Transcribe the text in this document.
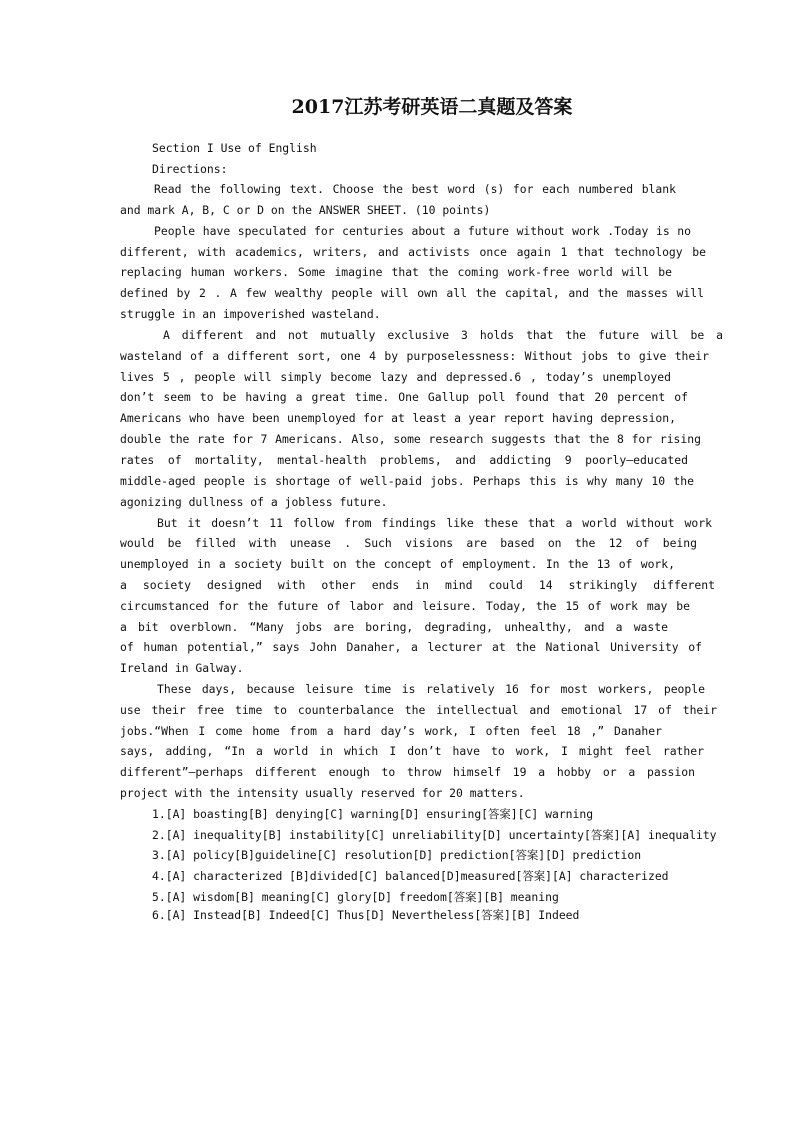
2017江苏考研英语二真题及答案

Section I Use of English

Directions:

Read the following text. Choose the best word (s) for each numbered blank

and mark A, B, C or D on the ANSWER SHEET. (10 points)

People have speculated for centuries about a future without work .Today is no

different, with academics, writers, and activists once again 1 that technology be

replacing human workers. Some imagine that the coming work-free world will be

defined by 2 . A few wealthy people will own all the capital, and the masses will

struggle in an impoverished wasteland.

A different and not mutually exclusive 3 holds that the future will be a

wasteland of a different sort, one 4 by purposelessness: Without jobs to give their

lives 5 , people will simply become lazy and depressed.6 , today’s unemployed

don’t seem to be having a great time. One Gallup poll found that 20 percent of

Americans who have been unemployed for at least a year report having depression,

double the rate for 7 Americans. Also, some research suggests that the 8 for rising

rates of mortality, mental-health problems, and addicting 9 poorly—educated

middle-aged people is shortage of well-paid jobs. Perhaps this is why many 10 the

agonizing dullness of a jobless future.

But it doesn’t 11 follow from findings like these that a world without work

would be filled with unease . Such visions are based on the 12 of being

unemployed in a society built on the concept of employment. In the 13 of work,

a society designed with other ends in mind could 14 strikingly different

circumstanced for the future of labor and leisure. Today, the 15 of work may be

a bit overblown. “Many jobs are boring, degrading, unhealthy, and a waste

of human potential,” says John Danaher, a lecturer at the National University of

Ireland in Galway.

These days, because leisure time is relatively 16 for most workers, people

use their free time to counterbalance the intellectual and emotional 17 of their

jobs.“When I come home from a hard day’s work, I often feel 18 ,” Danaher

says, adding, “In a world in which I don’t have to work, I might feel rather

different”—perhaps different enough to throw himself 19 a hobby or a passion

project with the intensity usually reserved for 20 matters.

1.[A] boasting[B] denying[C] warning[D] ensuring[答案][C] warning

2.[A] inequality[B] instability[C] unreliability[D] uncertainty[答案][A] inequality

3.[A] policy[B]guideline[C] resolution[D] prediction[答案][D] prediction

4.[A] characterized [B]divided[C] balanced[D]measured[答案][A] characterized

5.[A] wisdom[B] meaning[C] glory[D] freedom[答案][B] meaning

6.[A] Instead[B] Indeed[C] Thus[D] Nevertheless[答案][B] Indeed
